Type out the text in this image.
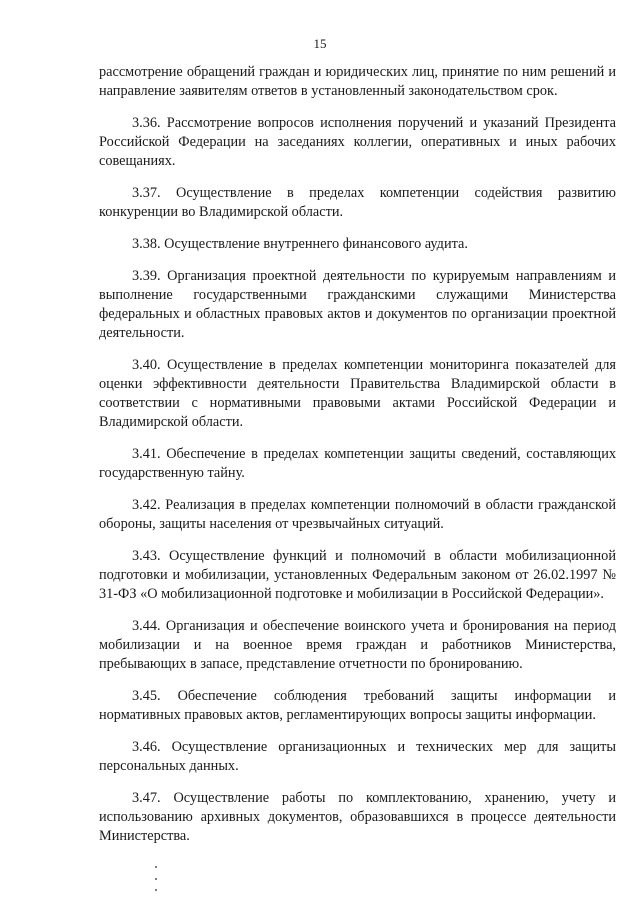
15

рассмотрение обращений граждан и юридических лиц, принятие по ним решений и направление заявителям ответов в установленный законодательством срок.

3.36. Рассмотрение вопросов исполнения поручений и указаний Президента Российской Федерации на заседаниях коллегии, оперативных и иных рабочих совещаниях.

3.37. Осуществление в пределах компетенции содействия развитию конкуренции во Владимирской области.

3.38. Осуществление внутреннего финансового аудита.

3.39. Организация проектной деятельности по курируемым направлениям и выполнение государственными гражданскими служащими Министерства федеральных и областных правовых актов и документов по организации проектной деятельности.

3.40. Осуществление в пределах компетенции мониторинга показателей для оценки эффективности деятельности Правительства Владимирской области в соответствии с нормативными правовыми актами Российской Федерации и Владимирской области.

3.41. Обеспечение в пределах компетенции защиты сведений, составляющих государственную тайну.

3.42. Реализация в пределах компетенции полномочий в области гражданской обороны, защиты населения от чрезвычайных ситуаций.

3.43. Осуществление функций и полномочий в области мобилизационной подготовки и мобилизации, установленных Федеральным законом от 26.02.1997 № 31-ФЗ «О мобилизационной подготовке и мобилизации в Российской Федерации».

3.44. Организация и обеспечение воинского учета и бронирования на период мобилизации и на военное время граждан и работников Министерства, пребывающих в запасе, представление отчетности по бронированию.

3.45. Обеспечение соблюдения требований защиты информации и нормативных правовых актов, регламентирующих вопросы защиты информации.

3.46. Осуществление организационных и технических мер для защиты персональных данных.

3.47. Осуществление работы по комплектованию, хранению, учету и использованию архивных документов, образовавшихся в процессе деятельности Министерства.
